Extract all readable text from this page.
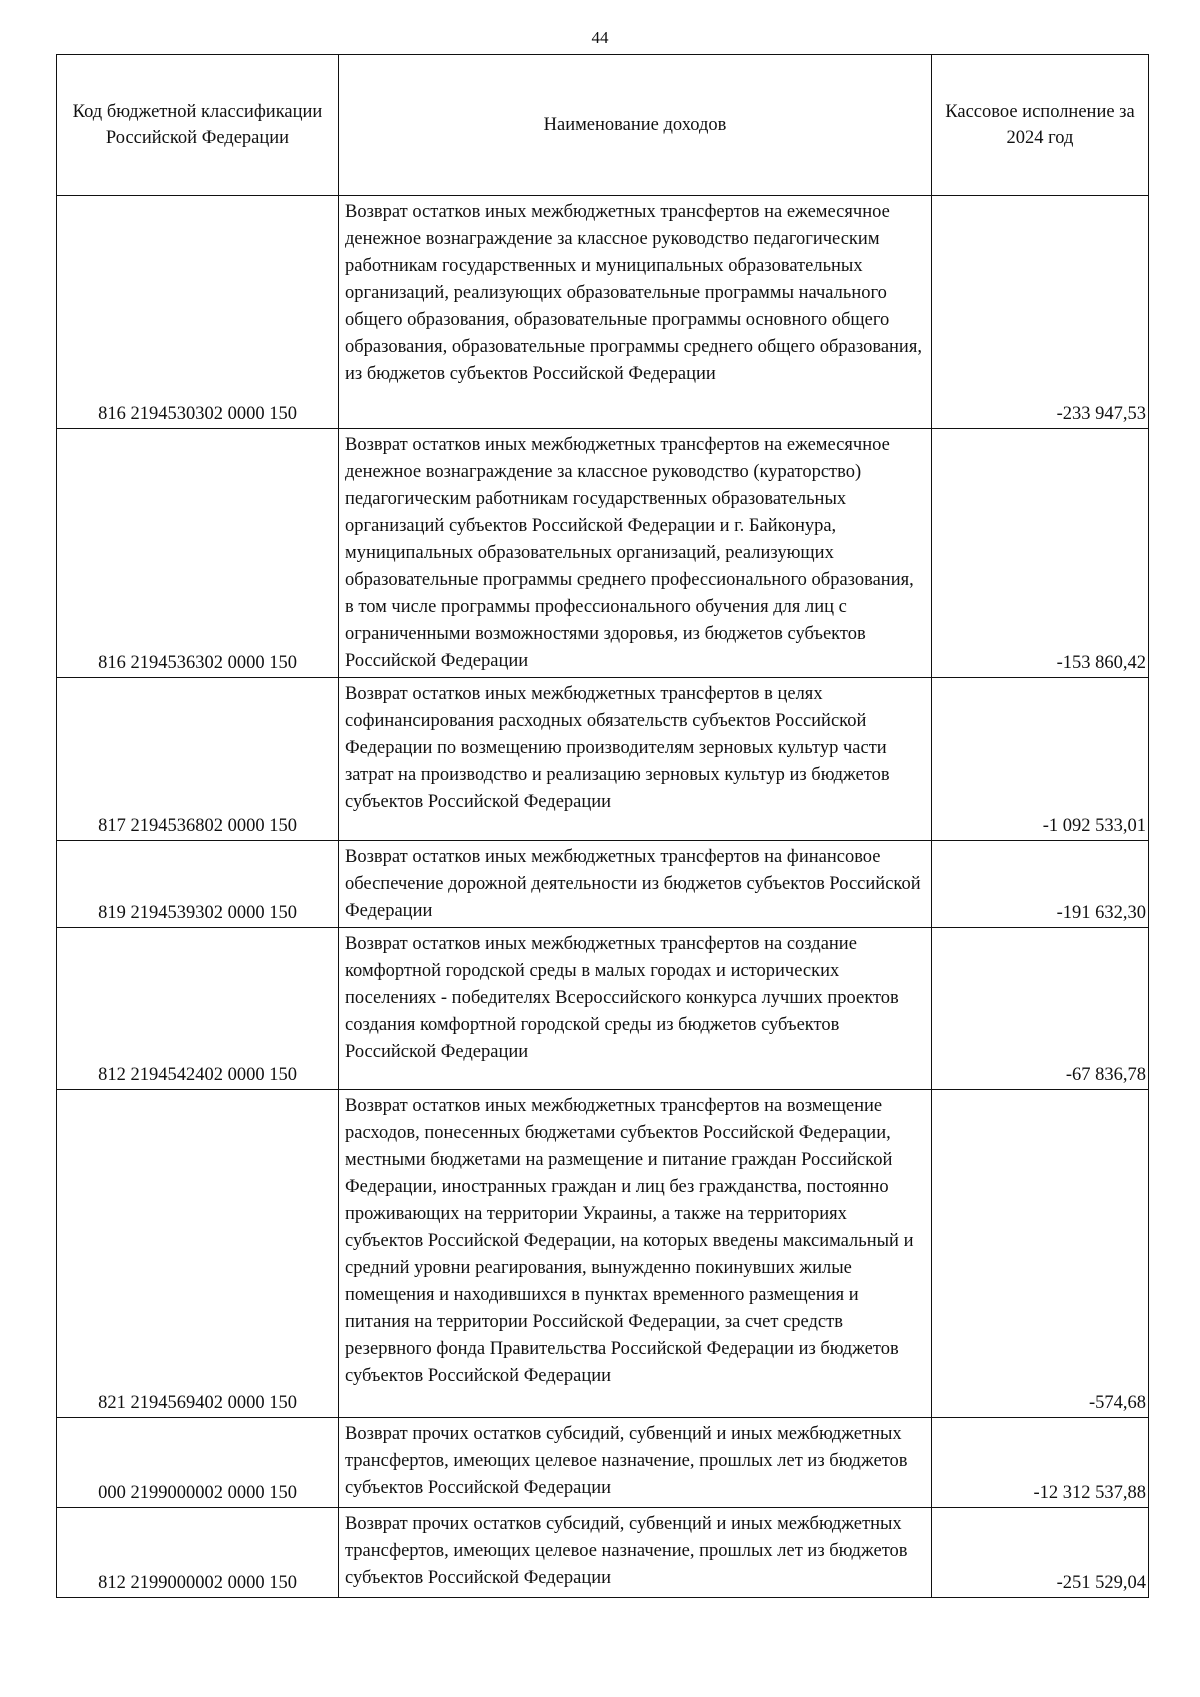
44
Код бюджетной классификации Российской Федерации	Наименование доходов	Кассовое исполнение за 2024 год
816 2194530302 0000 150	Возврат остатков иных межбюджетных трансфертов на ежемесячное денежное вознаграждение за классное руководство педагогическим работникам государственных и муниципальных образовательных организаций, реализующих образовательные программы начального общего образования, образовательные программы основного общего образования, образовательные программы среднего общего образования, из бюджетов субъектов Российской Федерации	-233 947,53
816 2194536302 0000 150	Возврат остатков иных межбюджетных трансфертов на ежемесячное денежное вознаграждение за классное руководство (кураторство) педагогическим работникам государственных образовательных организаций субъектов Российской Федерации и г. Байконура, муниципальных образовательных организаций, реализующих образовательные программы среднего профессионального образования, в том числе программы профессионального обучения для лиц с ограниченными возможностями здоровья, из бюджетов субъектов Российской Федерации	-153 860,42
817 2194536802 0000 150	Возврат остатков иных межбюджетных трансфертов в целях софинансирования расходных обязательств субъектов Российской Федерации по возмещению производителям зерновых культур части затрат на производство и реализацию зерновых культур из бюджетов субъектов Российской Федерации	-1 092 533,01
819 2194539302 0000 150	Возврат остатков иных межбюджетных трансфертов на финансовое обеспечение дорожной деятельности из бюджетов субъектов Российской Федерации	-191 632,30
812 2194542402 0000 150	Возврат остатков иных межбюджетных трансфертов на создание комфортной городской среды в малых городах и исторических поселениях - победителях Всероссийского конкурса лучших проектов создания комфортной городской среды из бюджетов субъектов Российской Федерации	-67 836,78
821 2194569402 0000 150	Возврат остатков иных межбюджетных трансфертов на возмещение расходов, понесенных бюджетами субъектов Российской Федерации, местными бюджетами на размещение и питание граждан Российской Федерации, иностранных граждан и лиц без гражданства, постоянно проживающих на территории Украины, а также на территориях субъектов Российской Федерации, на которых введены максимальный и средний уровни реагирования, вынужденно покинувших жилые помещения и находившихся в пунктах временного размещения и питания на территории Российской Федерации, за счет средств резервного фонда Правительства Российской Федерации из бюджетов субъектов Российской Федерации	-574,68
000 2199000002 0000 150	Возврат прочих остатков субсидий, субвенций и иных межбюджетных трансфертов, имеющих целевое назначение, прошлых лет из бюджетов субъектов Российской Федерации	-12 312 537,88
812 2199000002 0000 150	Возврат прочих остатков субсидий, субвенций и иных межбюджетных трансфертов, имеющих целевое назначение, прошлых лет из бюджетов субъектов Российской Федерации	-251 529,04
